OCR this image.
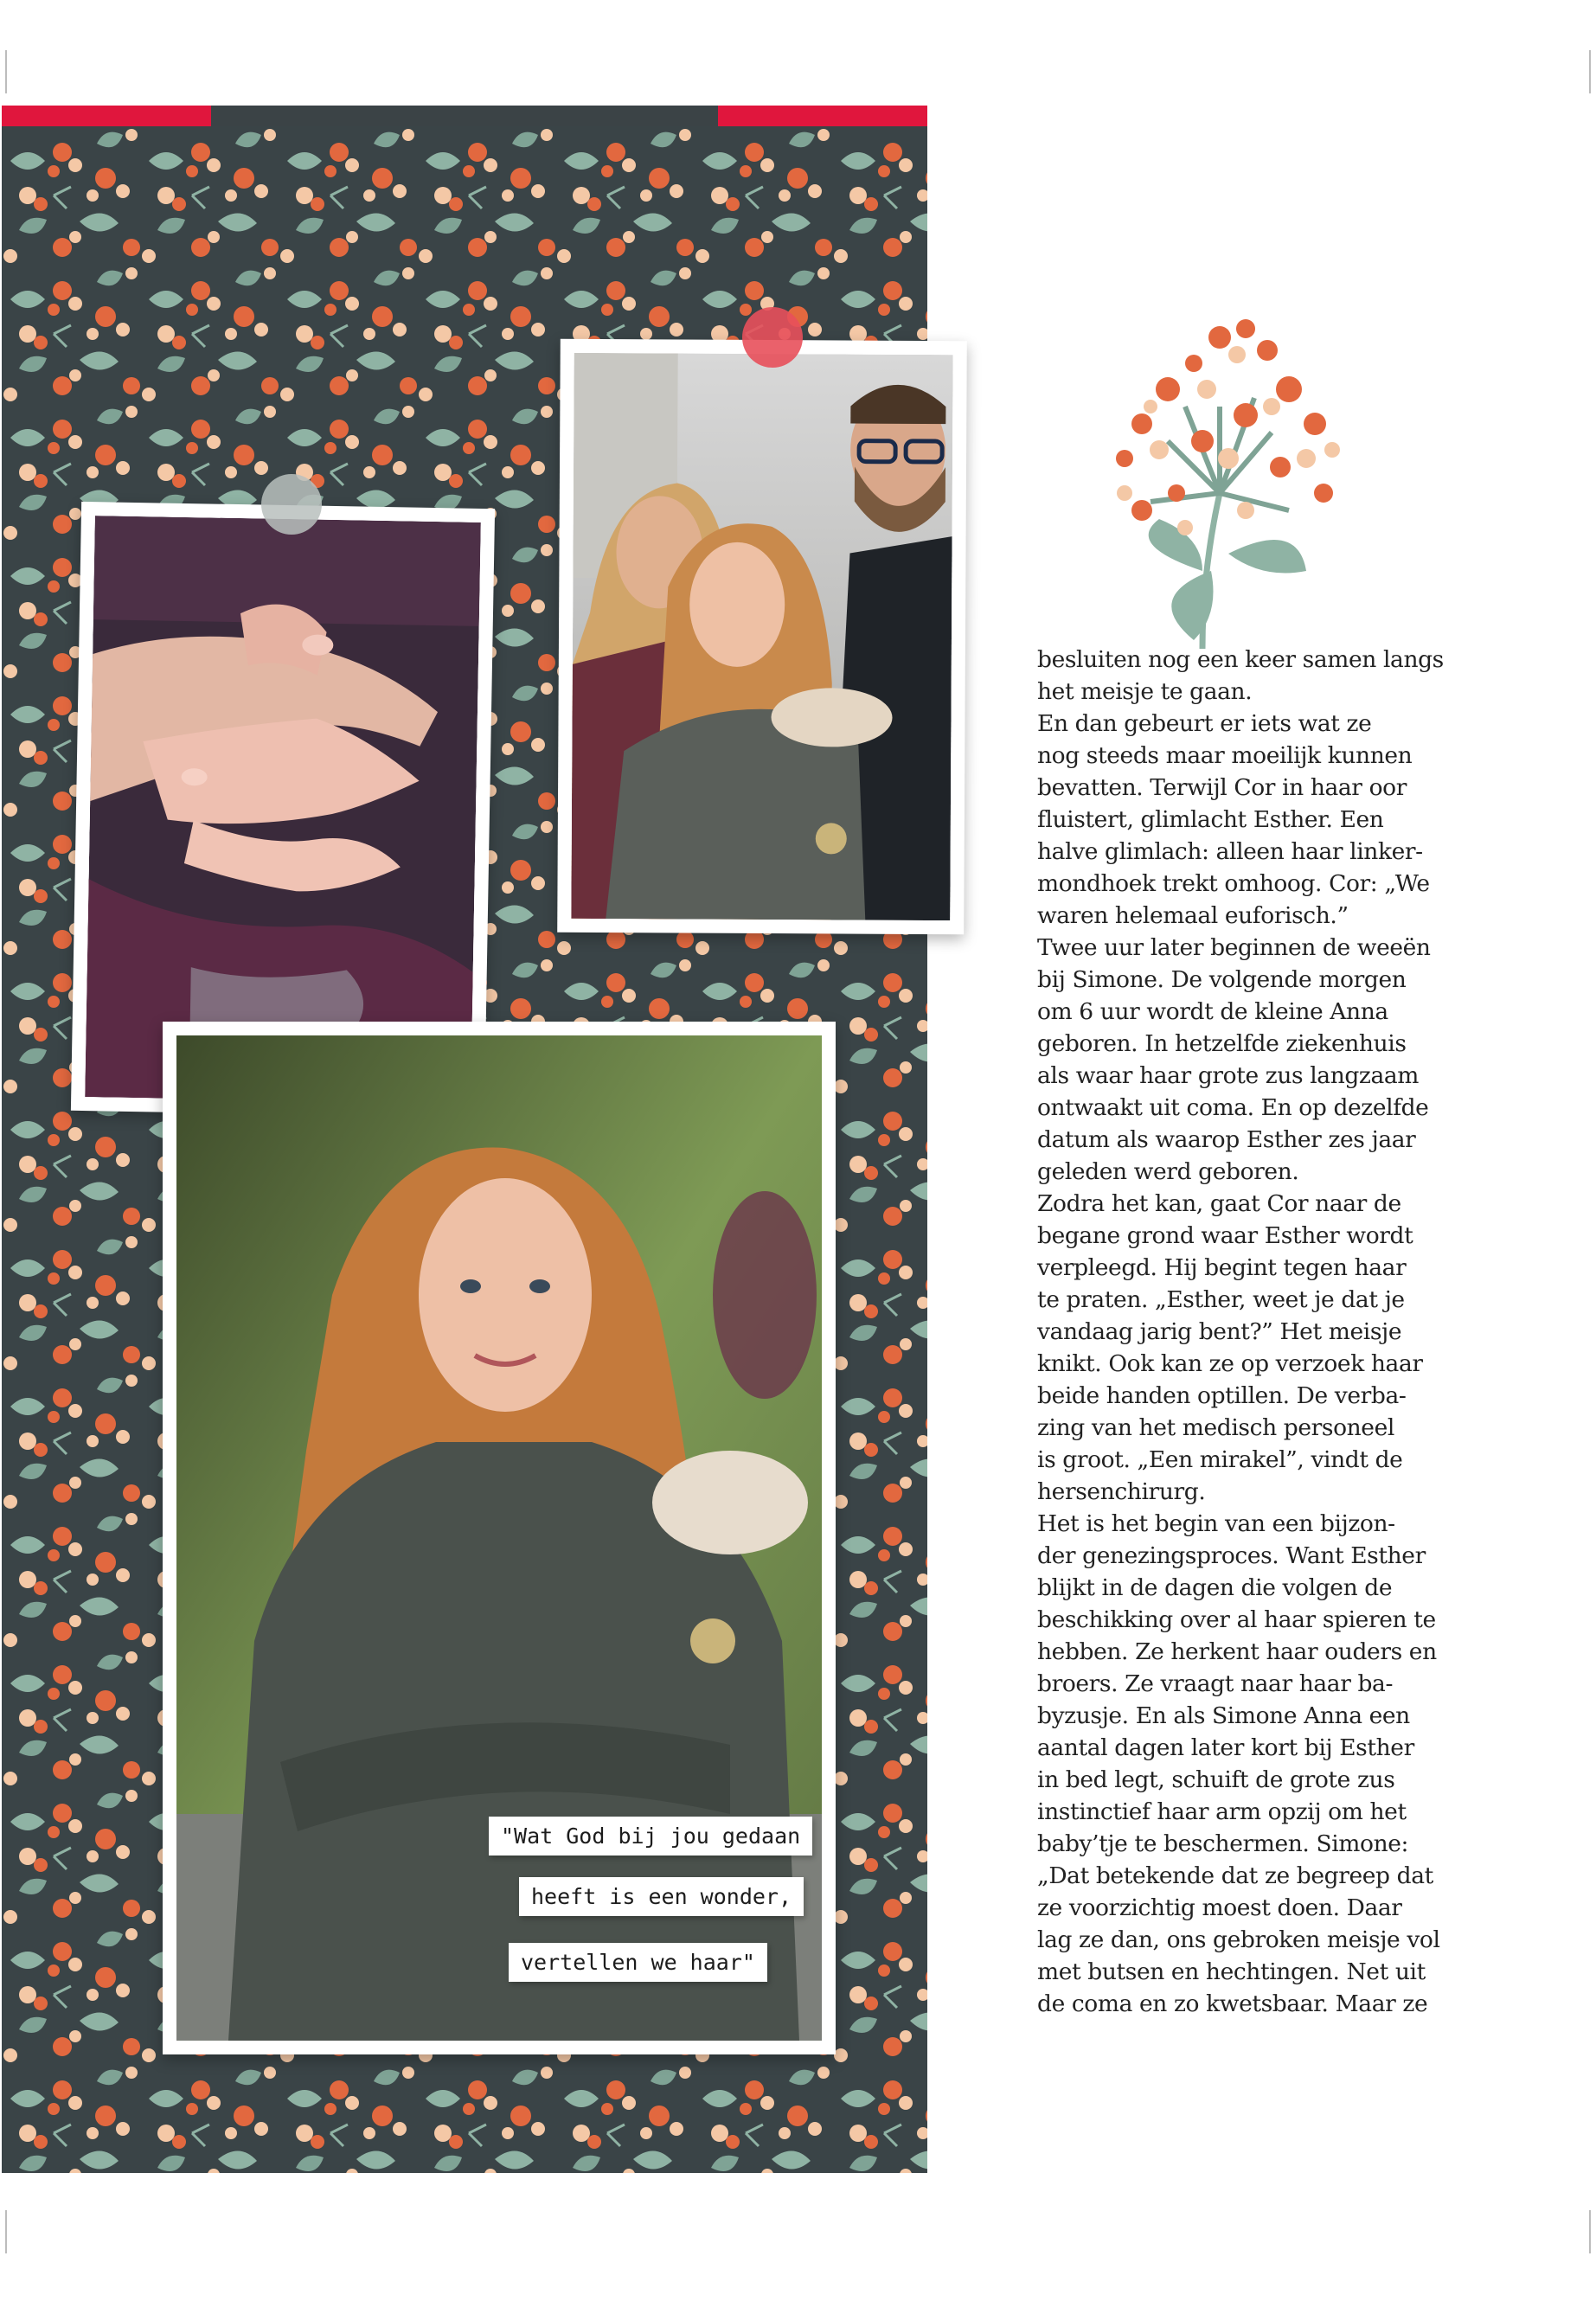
"Wat God bij jou gedaan
heeft is een wonder,
vertellen we haar"
besluiten nog een keer samen langs
het meisje te gaan.
En dan gebeurt er iets wat ze
nog steeds maar moeilijk kunnen
bevatten. Terwijl Cor in haar oor
fluistert, glimlacht Esther. Een
halve glimlach: alleen haar linker-
mondhoek trekt omhoog. Cor: „We
waren helemaal euforisch.”
Twee uur later beginnen de weeën
bij Simone. De volgende morgen
om 6 uur wordt de kleine Anna
geboren. In hetzelfde ziekenhuis
als waar haar grote zus langzaam
ontwaakt uit coma. En op dezelfde
datum als waarop Esther zes jaar
geleden werd geboren.
Zodra het kan, gaat Cor naar de
begane grond waar Esther wordt
verpleegd. Hij begint tegen haar
te praten. „Esther, weet je dat je
vandaag jarig bent?” Het meisje
knikt. Ook kan ze op verzoek haar
beide handen optillen. De verba-
zing van het medisch personeel
is groot. „Een mirakel”, vindt de
hersenchirurg.
Het is het begin van een bijzon-
der genezingsproces. Want Esther
blijkt in de dagen die volgen de
beschikking over al haar spieren te
hebben. Ze herkent haar ouders en
broers. Ze vraagt naar haar ba-
byzusje. En als Simone Anna een
aantal dagen later kort bij Esther
in bed legt, schuift de grote zus
instinctief haar arm opzij om het
baby’tje te beschermen. Simone:
„Dat betekende dat ze begreep dat
ze voorzichtig moest doen. Daar
lag ze dan, ons gebroken meisje vol
met butsen en hechtingen. Net uit
de coma en zo kwetsbaar. Maar ze
